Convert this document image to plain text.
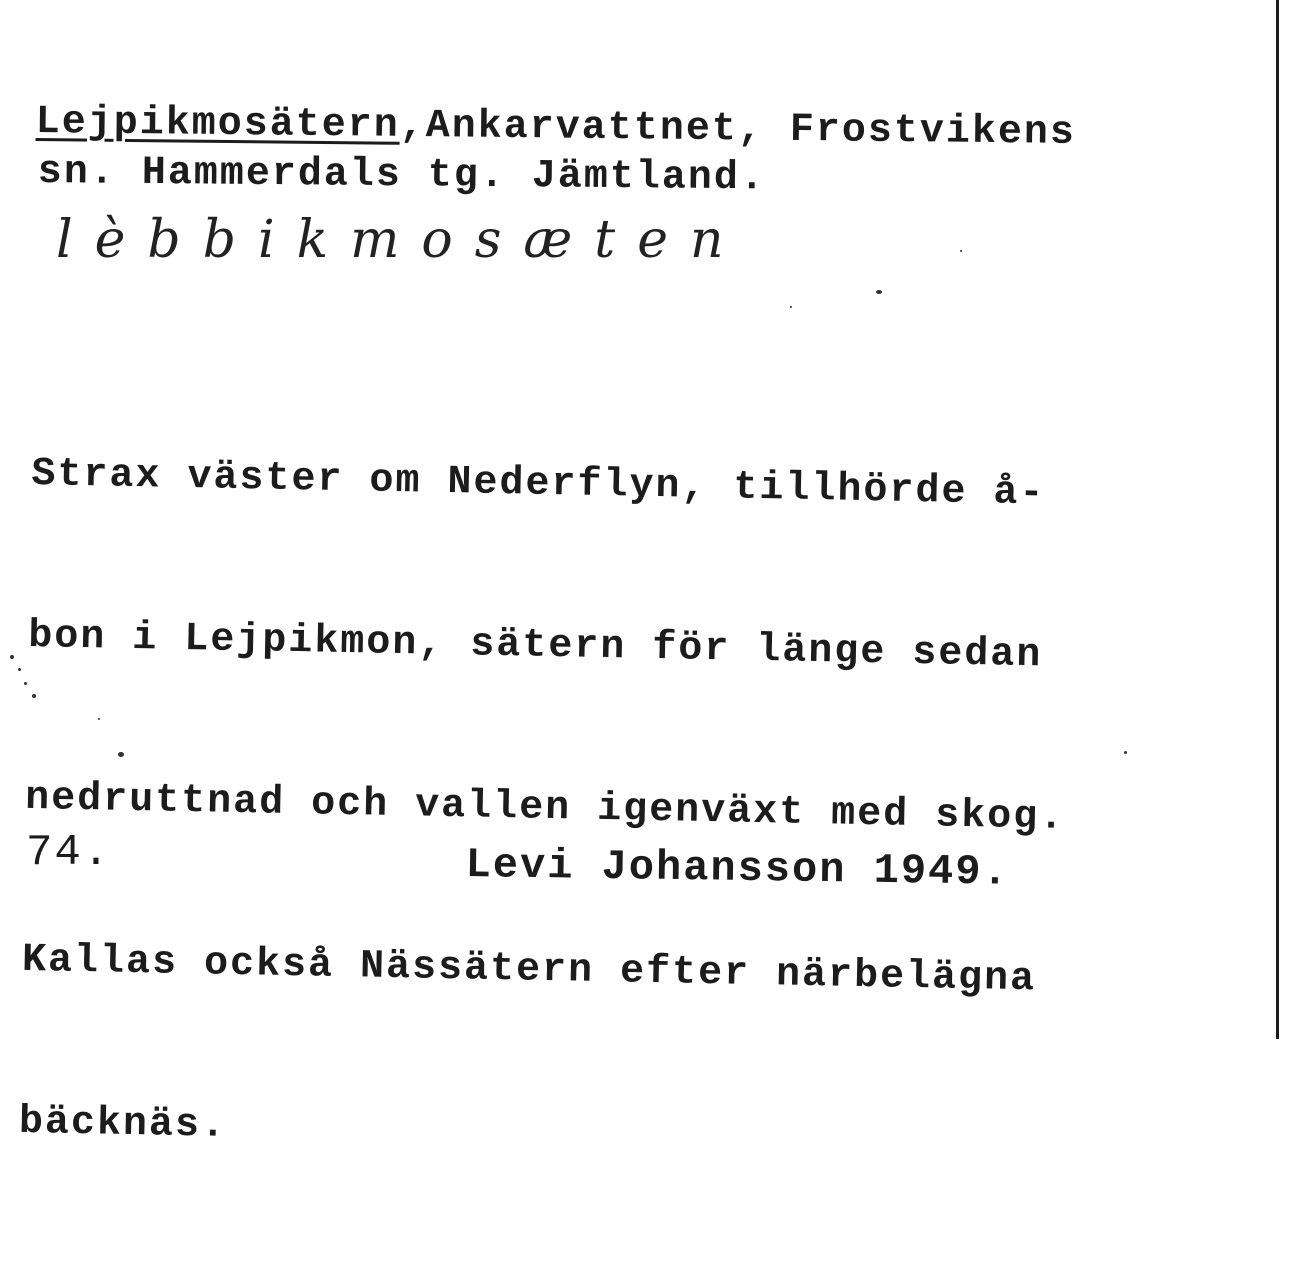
Lejpikmosätern,Ankarvattnet, Frostvikens
sn. Hammerdals tg. Jämtland.
lèbbikmosæten

Strax väster om Nederflyn, tillhörde å-

bon i Lejpikmon, sätern för länge sedan

nedruttnad och vallen igenväxt med skog.

Kallas också Nässätern efter närbelägna

bäcknäs.

74.	Levi Johansson 1949.
